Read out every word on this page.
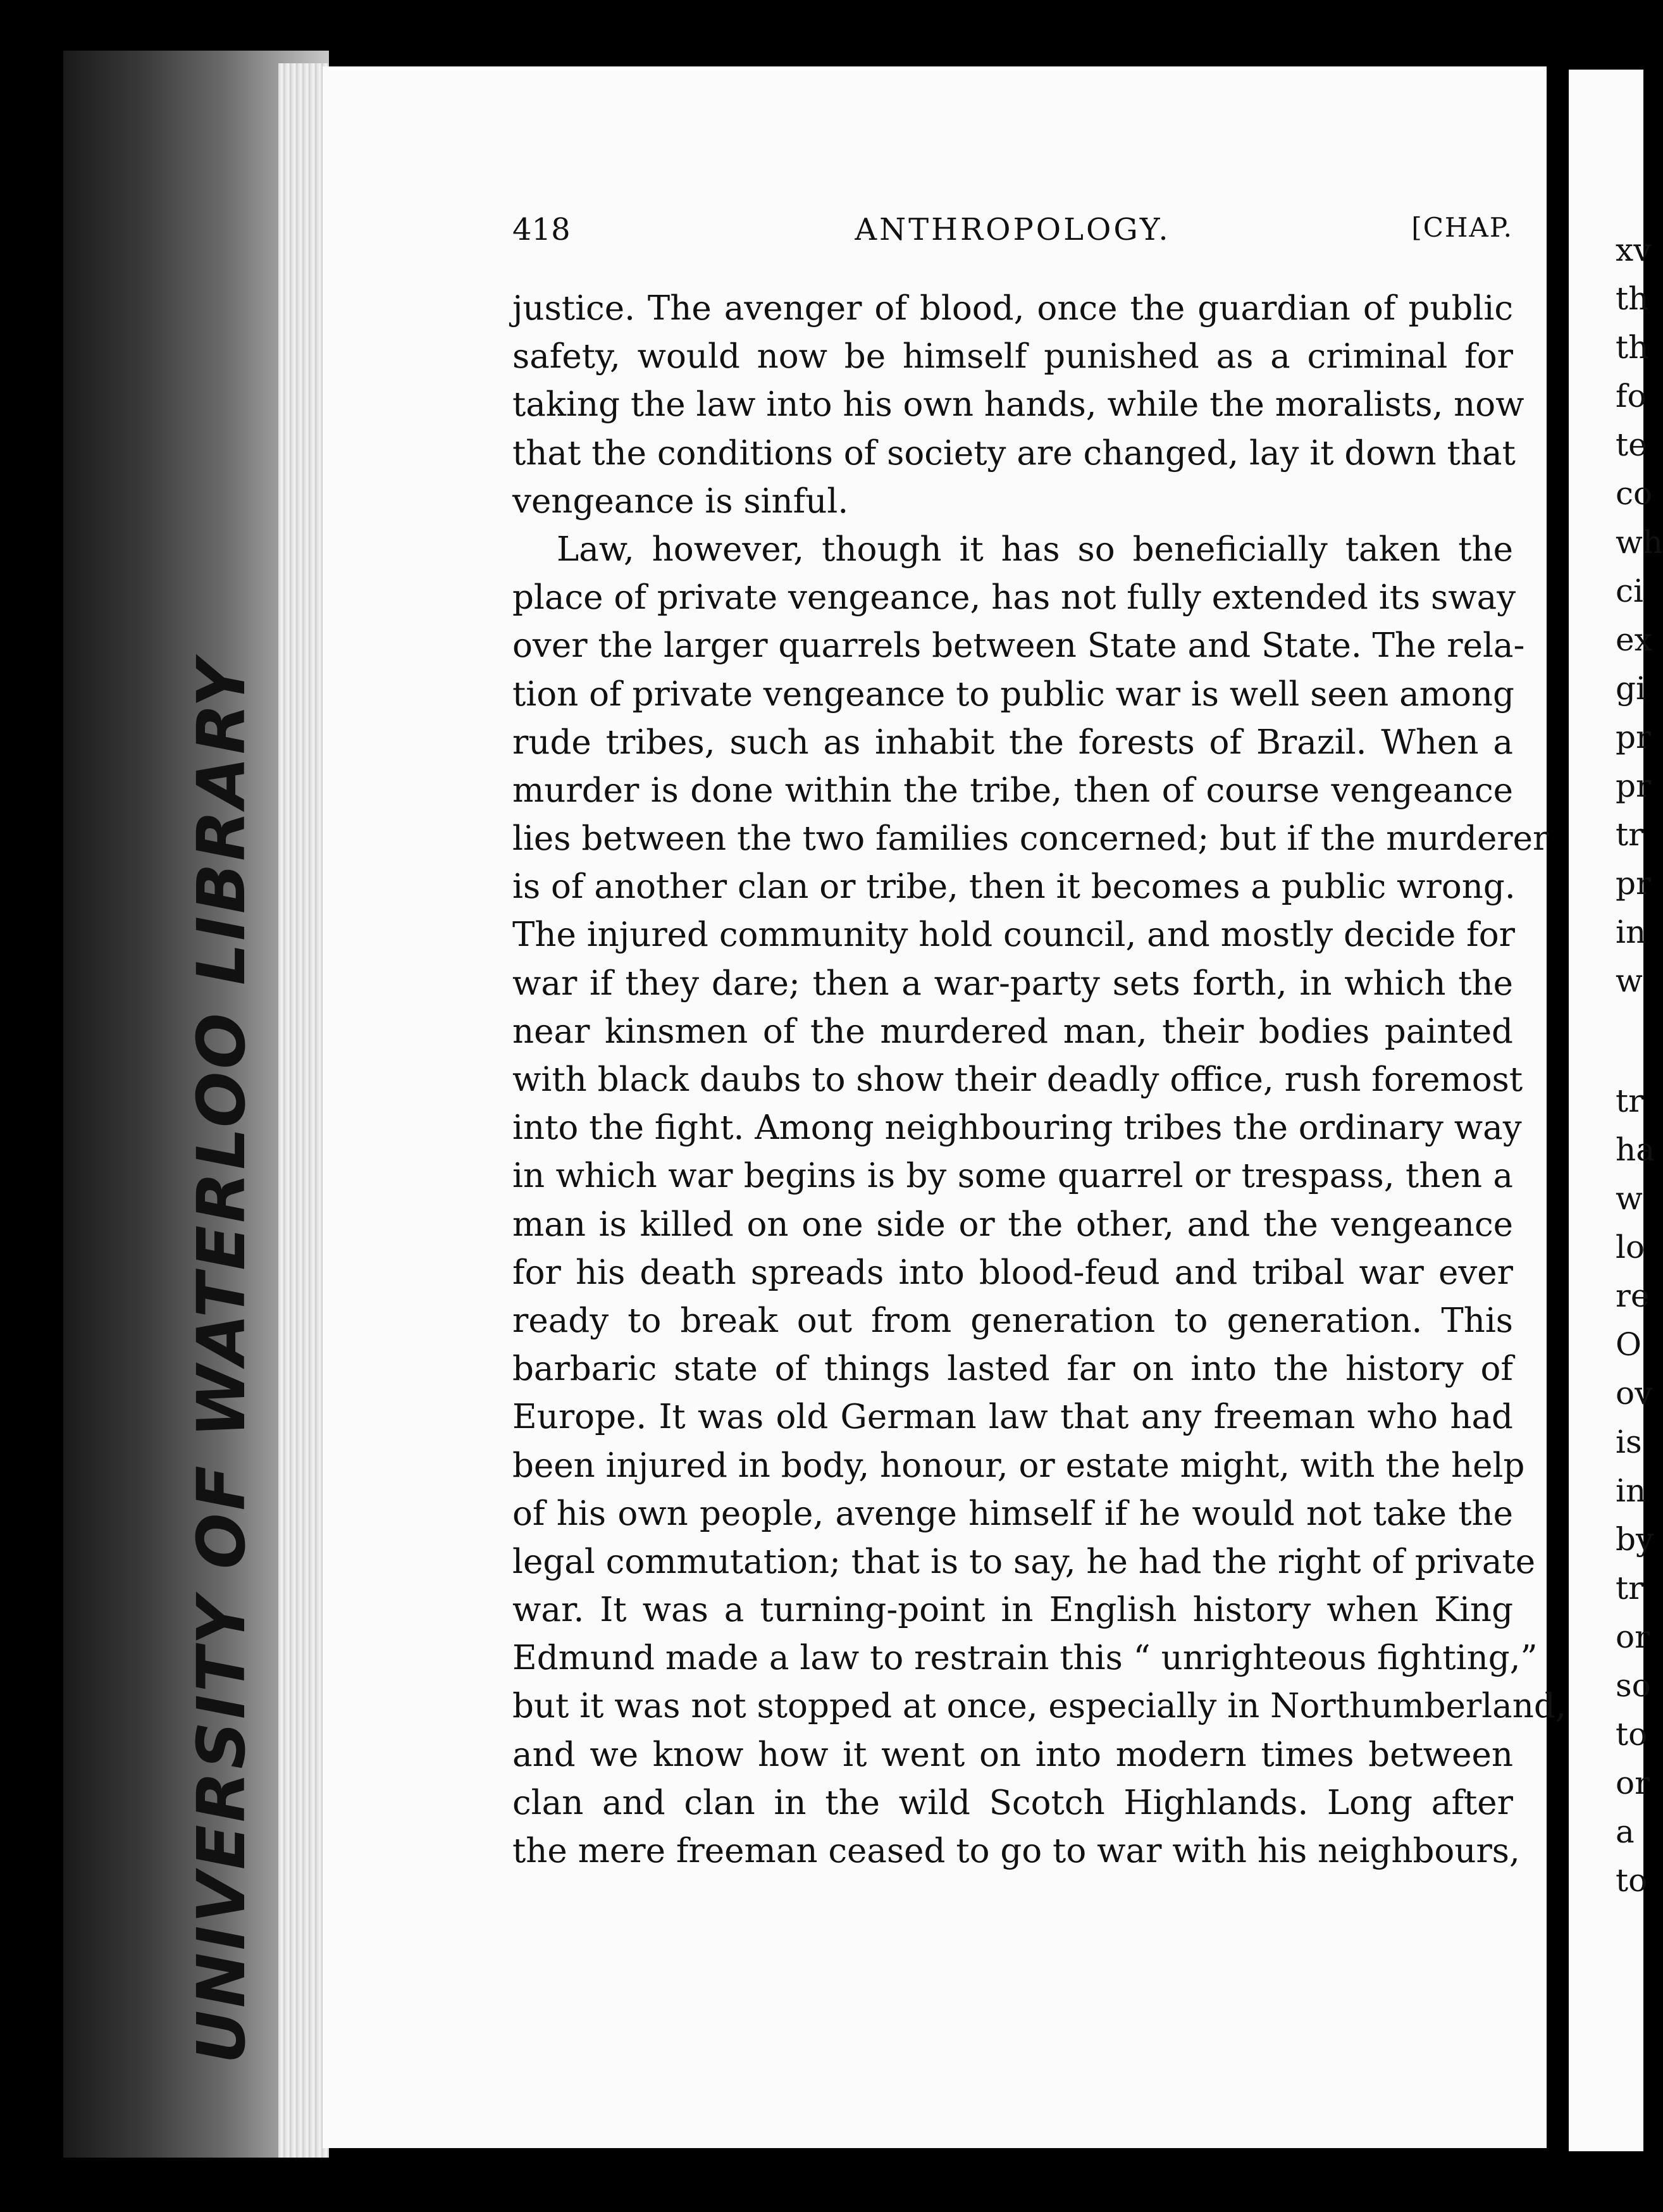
UNIVERSITY OF WATERLOO LIBRARY
xv
th
th
fo
te
co
wh
ci
ex
gi
pr
pr
tr
pr
in
w
tr
ha
w
lo
re
O
ov
is
in
by
tr
or
so
to
or
a
to
418	ANTHROPOLOGY.	[CHAP.
justice. The avenger of blood, once the guardian of public
safety, would now be himself punished as a criminal for
taking the law into his own hands, while the moralists, now
that the conditions of society are changed, lay it down that
vengeance is sinful.
Law, however, though it has so beneficially taken the
place of private vengeance, has not fully extended its sway
over the larger quarrels between State and State. The rela-
tion of private vengeance to public war is well seen among
rude tribes, such as inhabit the forests of Brazil. When a
murder is done within the tribe, then of course vengeance
lies between the two families concerned; but if the murderer
is of another clan or tribe, then it becomes a public wrong.
The injured community hold council, and mostly decide for
war if they dare; then a war-party sets forth, in which the
near kinsmen of the murdered man, their bodies painted
with black daubs to show their deadly office, rush foremost
into the fight. Among neighbouring tribes the ordinary way
in which war begins is by some quarrel or trespass, then a
man is killed on one side or the other, and the vengeance
for his death spreads into blood-feud and tribal war ever
ready to break out from generation to generation. This
barbaric state of things lasted far on into the history of
Europe. It was old German law that any freeman who had
been injured in body, honour, or estate might, with the help
of his own people, avenge himself if he would not take the
legal commutation; that is to say, he had the right of private
war. It was a turning-point in English history when King
Edmund made a law to restrain this “ unrighteous fighting,”
but it was not stopped at once, especially in Northumberland,
and we know how it went on into modern times between
clan and clan in the wild Scotch Highlands. Long after
the mere freeman ceased to go to war with his neighbours,
